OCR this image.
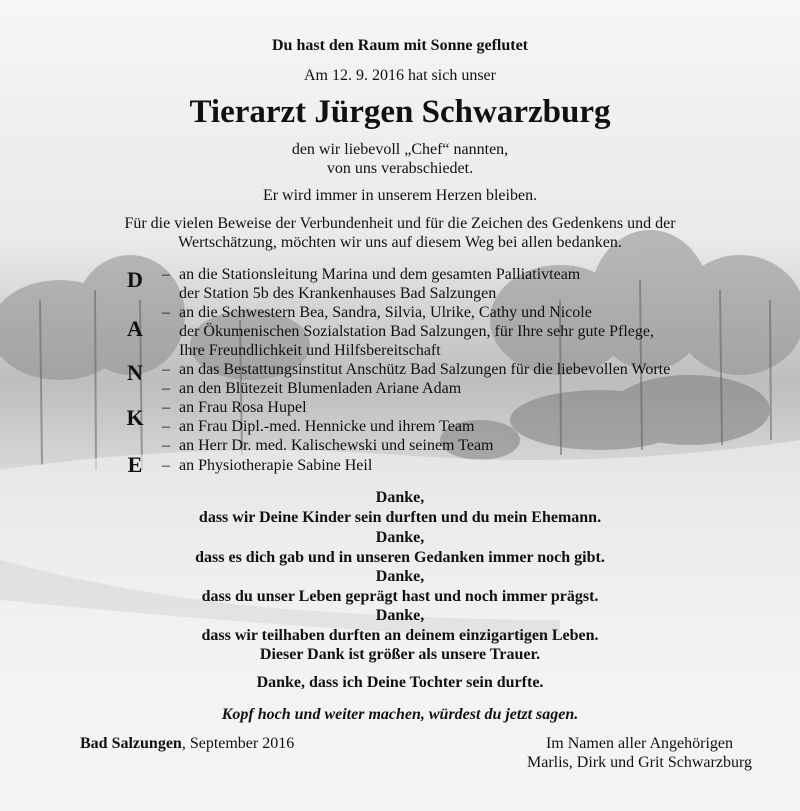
Du hast den Raum mit Sonne geflutet
Am 12. 9. 2016 hat sich unser
Tierarzt Jürgen Schwarzburg
den wir liebevoll „Chef“ nannten,
von uns verabschiedet.
Er wird immer in unserem Herzen bleiben.
Für die vielen Beweise der Verbundenheit und für die Zeichen des Gedenkens und der
Wertschätzung, möchten wir uns auf diesem Weg bei allen bedanken.
D
A
N
K
E
– an die Stationsleitung Marina und dem gesamten Palliativteam
der Station 5b des Krankenhauses Bad Salzungen
– an die Schwestern Bea, Sandra, Silvia, Ulrike, Cathy und Nicole
der Ökumenischen Sozialstation Bad Salzungen, für Ihre sehr gute Pflege,
Ihre Freundlichkeit und Hilfsbereitschaft
– an das Bestattungsinstitut Anschütz Bad Salzungen für die liebevollen Worte
– an den Blütezeit Blumenladen Ariane Adam
– an Frau Rosa Hupel
– an Frau Dipl.-med. Hennicke und ihrem Team
– an Herr Dr. med. Kalischewski und seinem Team
– an Physiotherapie Sabine Heil
Danke,
dass wir Deine Kinder sein durften und du mein Ehemann.
Danke,
dass es dich gab und in unseren Gedanken immer noch gibt.
Danke,
dass du unser Leben geprägt hast und noch immer prägst.
Danke,
dass wir teilhaben durften an deinem einzigartigen Leben.
Dieser Dank ist größer als unsere Trauer.
Danke, dass ich Deine Tochter sein durfte.
Kopf hoch und weiter machen, würdest du jetzt sagen.
Bad Salzungen, September 2016	Im Namen aller Angehörigen
Marlis, Dirk und Grit Schwarzburg
